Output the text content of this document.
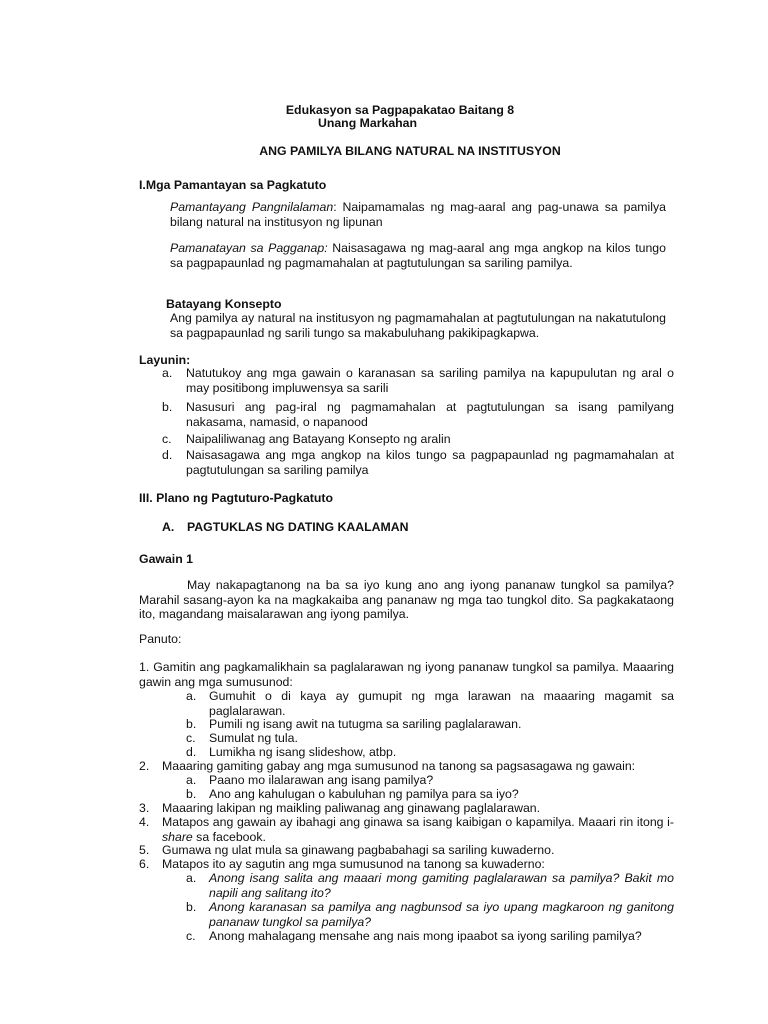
Edukasyon sa Pagpapakatao Baitang 8
Unang Markahan
ANG PAMILYA BILANG NATURAL NA INSTITUSYON
I.Mga Pamantayan sa Pagkatuto
Pamantayang Pangnilalaman: Naipamamalas ng mag-aaral ang pag-unawa sa pamilya bilang natural na institusyon ng lipunan
Pamanatayan sa Pagganap: Naisasagawa ng mag-aaral ang mga angkop na kilos tungo sa pagpapaunlad ng pagmamahalan at pagtutulungan sa sariling pamilya.
Batayang Konsepto
Ang pamilya ay natural na institusyon ng pagmamahalan at pagtutulungan na nakatutulong sa pagpapaunlad ng sarili tungo sa makabuluhang pakikipagkapwa.
Layunin:
a. Natutukoy ang mga gawain o karanasan sa sariling pamilya na kapupulutan ng aral o may positibong impluwensya sa sarili
b. Nasusuri ang pag-iral ng pagmamahalan at pagtutulungan sa isang pamilyang nakasama, namasid, o napanood
c. Naipaliliwanag ang Batayang Konsepto ng aralin
d. Naisasagawa ang mga angkop na kilos tungo sa pagpapaunlad ng pagmamahalan at pagtutulungan sa sariling pamilya
III. Plano ng Pagtuturo-Pagkatuto
A. PAGTUKLAS NG DATING KAALAMAN
Gawain 1
May nakapagtanong na ba sa iyo kung ano ang iyong pananaw tungkol sa pamilya? Marahil sasang-ayon ka na magkakaiba ang pananaw ng mga tao tungkol dito. Sa pagkakataong ito, magandang maisalarawan ang iyong pamilya.
Panuto:
1. Gamitin ang pagkamalikhain sa paglalarawan ng iyong pananaw tungkol sa pamilya. Maaaring gawin ang mga sumusunod:
a. Gumuhit o di kaya ay gumupit ng mga larawan na maaaring magamit sa paglalarawan.
b. Pumili ng isang awit na tutugma sa sariling paglalarawan.
c. Sumulat ng tula.
d. Lumikha ng isang slideshow, atbp.
2. Maaaring gamiting gabay ang mga sumusunod na tanong sa pagsasagawa ng gawain:
a. Paano mo ilalarawan ang isang pamilya?
b. Ano ang kahulugan o kabuluhan ng pamilya para sa iyo?
3. Maaaring lakipan ng maikling paliwanag ang ginawang paglalarawan.
4. Matapos ang gawain ay ibahagi ang ginawa sa isang kaibigan o kapamilya. Maaari rin itong i-share sa facebook.
5. Gumawa ng ulat mula sa ginawang pagbabahagi sa sariling kuwaderno.
6. Matapos ito ay sagutin ang mga sumusunod na tanong sa kuwaderno:
a. Anong isang salita ang maaari mong gamiting paglalarawan sa pamilya? Bakit mo napili ang salitang ito?
b. Anong karanasan sa pamilya ang nagbunsod sa iyo upang magkaroon ng ganitong pananaw tungkol sa pamilya?
c. Anong mahalagang mensahe ang nais mong ipaabot sa iyong sariling pamilya?
